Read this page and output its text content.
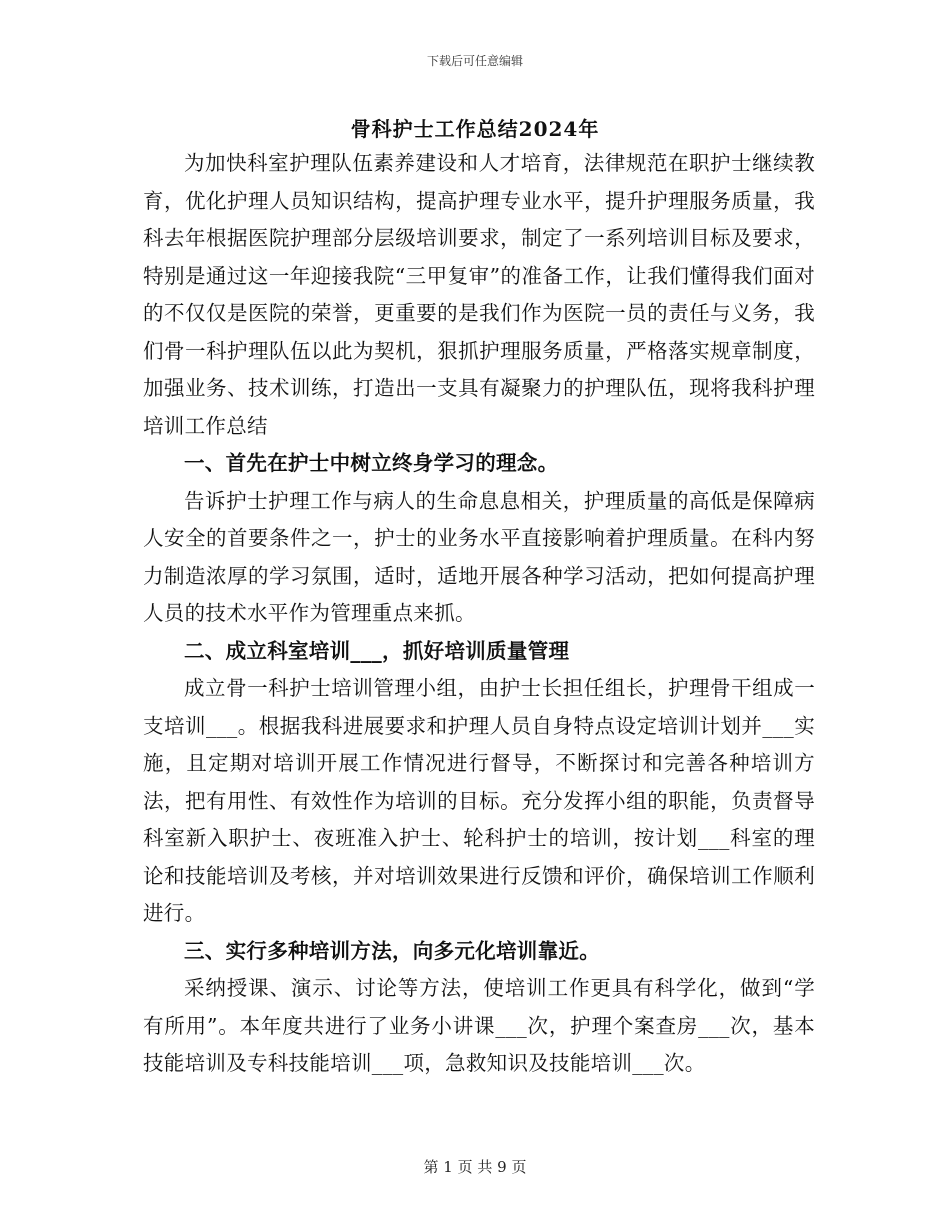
下载后可任意编辑
骨科护士工作总结2024年

为加快科室护理队伍素养建设和人才培育，法律规范在职护士继续教育，优化护理人员知识结构，提高护理专业水平，提升护理服务质量，我科去年根据医院护理部分层级培训要求，制定了一系列培训目标及要求，特别是通过这一年迎接我院“三甲复审”的准备工作，让我们懂得我们面对的不仅仅是医院的荣誉，更重要的是我们作为医院一员的责任与义务，我们骨一科护理队伍以此为契机，狠抓护理服务质量，严格落实规章制度，加强业务、技术训练，打造出一支具有凝聚力的护理队伍，现将我科护理培训工作总结

一、首先在护士中树立终身学习的理念。

告诉护士护理工作与病人的生命息息相关，护理质量的高低是保障病人安全的首要条件之一，护士的业务水平直接影响着护理质量。在科内努力制造浓厚的学习氛围，适时，适地开展各种学习活动，把如何提高护理人员的技术水平作为管理重点来抓。

二、成立科室培训___，抓好培训质量管理

成立骨一科护士培训管理小组，由护士长担任组长，护理骨干组成一支培训___。根据我科进展要求和护理人员自身特点设定培训计划并___实施，且定期对培训开展工作情况进行督导，不断探讨和完善各种培训方法，把有用性、有效性作为培训的目标。充分发挥小组的职能，负责督导科室新入职护士、夜班准入护士、轮科护士的培训，按计划___科室的理论和技能培训及考核，并对培训效果进行反馈和评价，确保培训工作顺利进行。

三、实行多种培训方法，向多元化培训靠近。

采纳授课、演示、讨论等方法，使培训工作更具有科学化，做到“学有所用”。本年度共进行了业务小讲课___次，护理个案查房___次，基本技能培训及专科技能培训___项，急救知识及技能培训___次。

第 1 页 共 9 页
